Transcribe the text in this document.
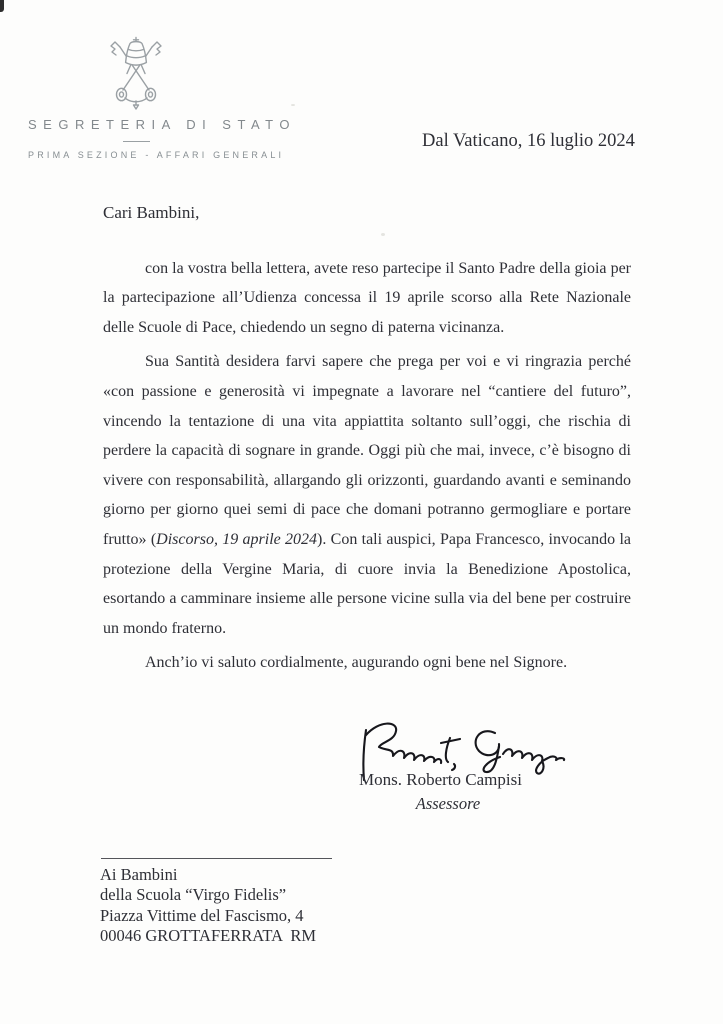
SEGRETERIA DI STATO
PRIMA SEZIONE - AFFARI GENERALI
Dal Vaticano, 16 luglio 2024
Cari Bambini,

con la vostra bella lettera, avete reso partecipe il Santo Padre della gioia per la partecipazione all’Udienza concessa il 19 aprile scorso alla Rete Nazionale delle Scuole di Pace, chiedendo un segno di paterna vicinanza.

Sua Santità desidera farvi sapere che prega per voi e vi ringrazia perché «con passione e generosità vi impegnate a lavorare nel “cantiere del futuro”, vincendo la tentazione di una vita appiattita soltanto sull’oggi, che rischia di perdere la capacità di sognare in grande. Oggi più che mai, invece, c’è bisogno di vivere con responsabilità, allargando gli orizzonti, guardando avanti e seminando giorno per giorno quei semi di pace che domani potranno germogliare e portare frutto» (Discorso, 19 aprile 2024). Con tali auspici, Papa Francesco, invocando la protezione della Vergine Maria, di cuore invia la Benedizione Apostolica, esortando a camminare insieme alle persone vicine sulla via del bene per costruire un mondo fraterno.

Anch’io vi saluto cordialmente, augurando ogni bene nel Signore.

Mons. Roberto Campisi
Assessore
Ai Bambini
della Scuola “Virgo Fidelis”
Piazza Vittime del Fascismo, 4
00046 GROTTAFERRATA  RM
